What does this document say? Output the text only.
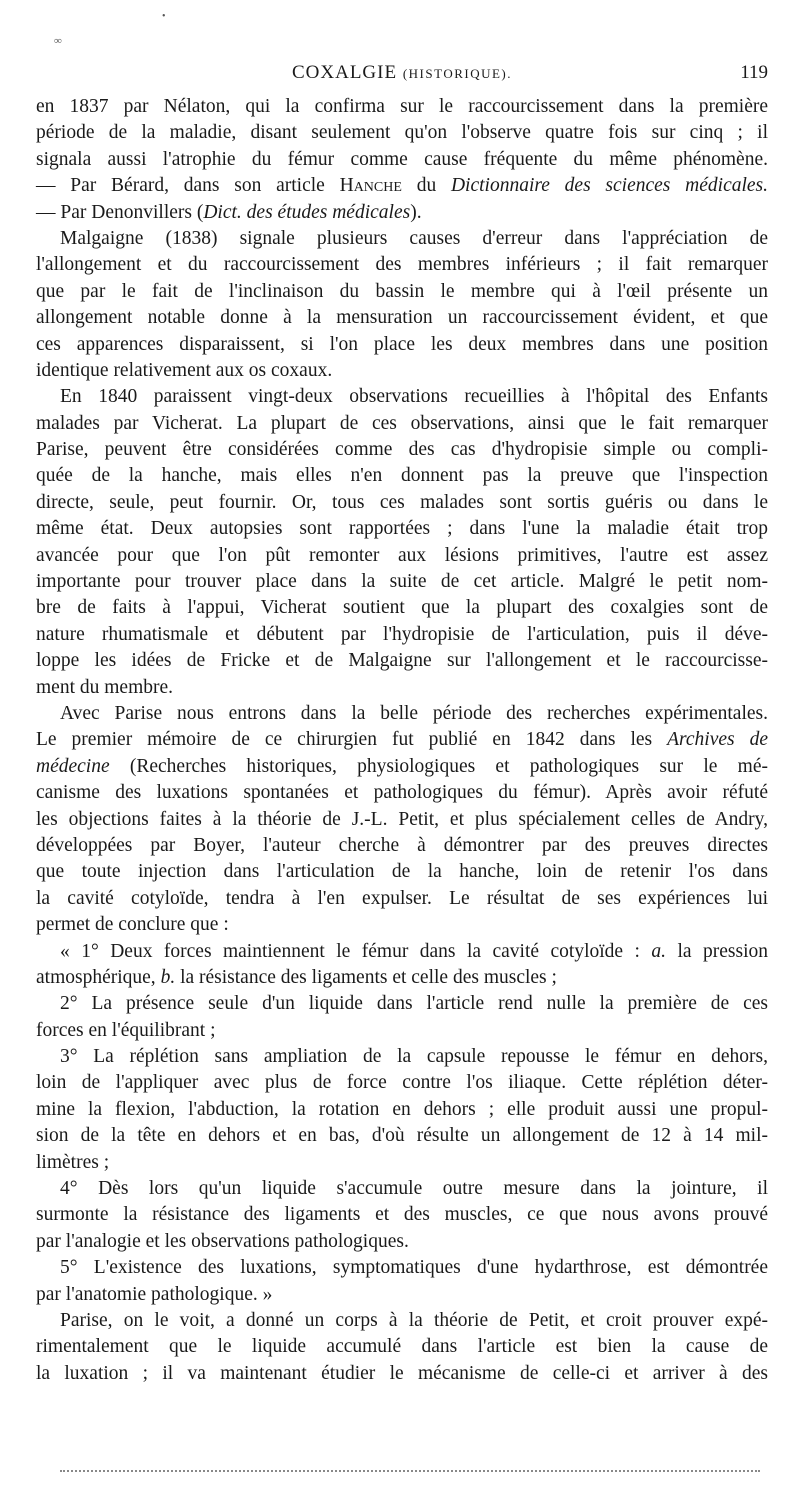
•
∞
COXALGIE (HISTORIQUE).	119
en 1837 par Nélaton, qui la confirma sur le raccourcissement dans la première
période de la maladie, disant seulement qu'on l'observe quatre fois sur cinq ; il
signala aussi l'atrophie du fémur comme cause fréquente du même phénomène.
— Par Bérard, dans son article Hanche du Dictionnaire des sciences médicales.
— Par Denonvillers (Dict. des études médicales).
Malgaigne (1838) signale plusieurs causes d'erreur dans l'appréciation de
l'allongement et du raccourcissement des membres inférieurs ; il fait remarquer
que par le fait de l'inclinaison du bassin le membre qui à l'œil présente un
allongement notable donne à la mensuration un raccourcissement évident, et que
ces apparences disparaissent, si l'on place les deux membres dans une position
identique relativement aux os coxaux.
En 1840 paraissent vingt-deux observations recueillies à l'hôpital des Enfants
malades par Vicherat. La plupart de ces observations, ainsi que le fait remarquer
Parise, peuvent être considérées comme des cas d'hydropisie simple ou compli-
quée de la hanche, mais elles n'en donnent pas la preuve que l'inspection
directe, seule, peut fournir. Or, tous ces malades sont sortis guéris ou dans le
même état. Deux autopsies sont rapportées ; dans l'une la maladie était trop
avancée pour que l'on pût remonter aux lésions primitives, l'autre est assez
importante pour trouver place dans la suite de cet article. Malgré le petit nom-
bre de faits à l'appui, Vicherat soutient que la plupart des coxalgies sont de
nature rhumatismale et débutent par l'hydropisie de l'articulation, puis il déve-
loppe les idées de Fricke et de Malgaigne sur l'allongement et le raccourcisse-
ment du membre.
Avec Parise nous entrons dans la belle période des recherches expérimentales.
Le premier mémoire de ce chirurgien fut publié en 1842 dans les Archives de
médecine (Recherches historiques, physiologiques et pathologiques sur le mé-
canisme des luxations spontanées et pathologiques du fémur). Après avoir réfuté
les objections faites à la théorie de J.-L. Petit, et plus spécialement celles de Andry,
développées par Boyer, l'auteur cherche à démontrer par des preuves directes
que toute injection dans l'articulation de la hanche, loin de retenir l'os dans
la cavité cotyloïde, tendra à l'en expulser. Le résultat de ses expériences lui
permet de conclure que :
« 1° Deux forces maintiennent le fémur dans la cavité cotyloïde : a. la pression
atmosphérique, b. la résistance des ligaments et celle des muscles ;
2° La présence seule d'un liquide dans l'article rend nulle la première de ces
forces en l'équilibrant ;
3° La réplétion sans ampliation de la capsule repousse le fémur en dehors,
loin de l'appliquer avec plus de force contre l'os iliaque. Cette réplétion déter-
mine la flexion, l'abduction, la rotation en dehors ; elle produit aussi une propul-
sion de la tête en dehors et en bas, d'où résulte un allongement de 12 à 14 mil-
limètres ;
4° Dès lors qu'un liquide s'accumule outre mesure dans la jointure, il
surmonte la résistance des ligaments et des muscles, ce que nous avons prouvé
par l'analogie et les observations pathologiques.
5° L'existence des luxations, symptomatiques d'une hydarthrose, est démontrée
par l'anatomie pathologique. »
Parise, on le voit, a donné un corps à la théorie de Petit, et croit prouver expé-
rimentalement que le liquide accumulé dans l'article est bien la cause de
la luxation ; il va maintenant étudier le mécanisme de celle-ci et arriver à des
